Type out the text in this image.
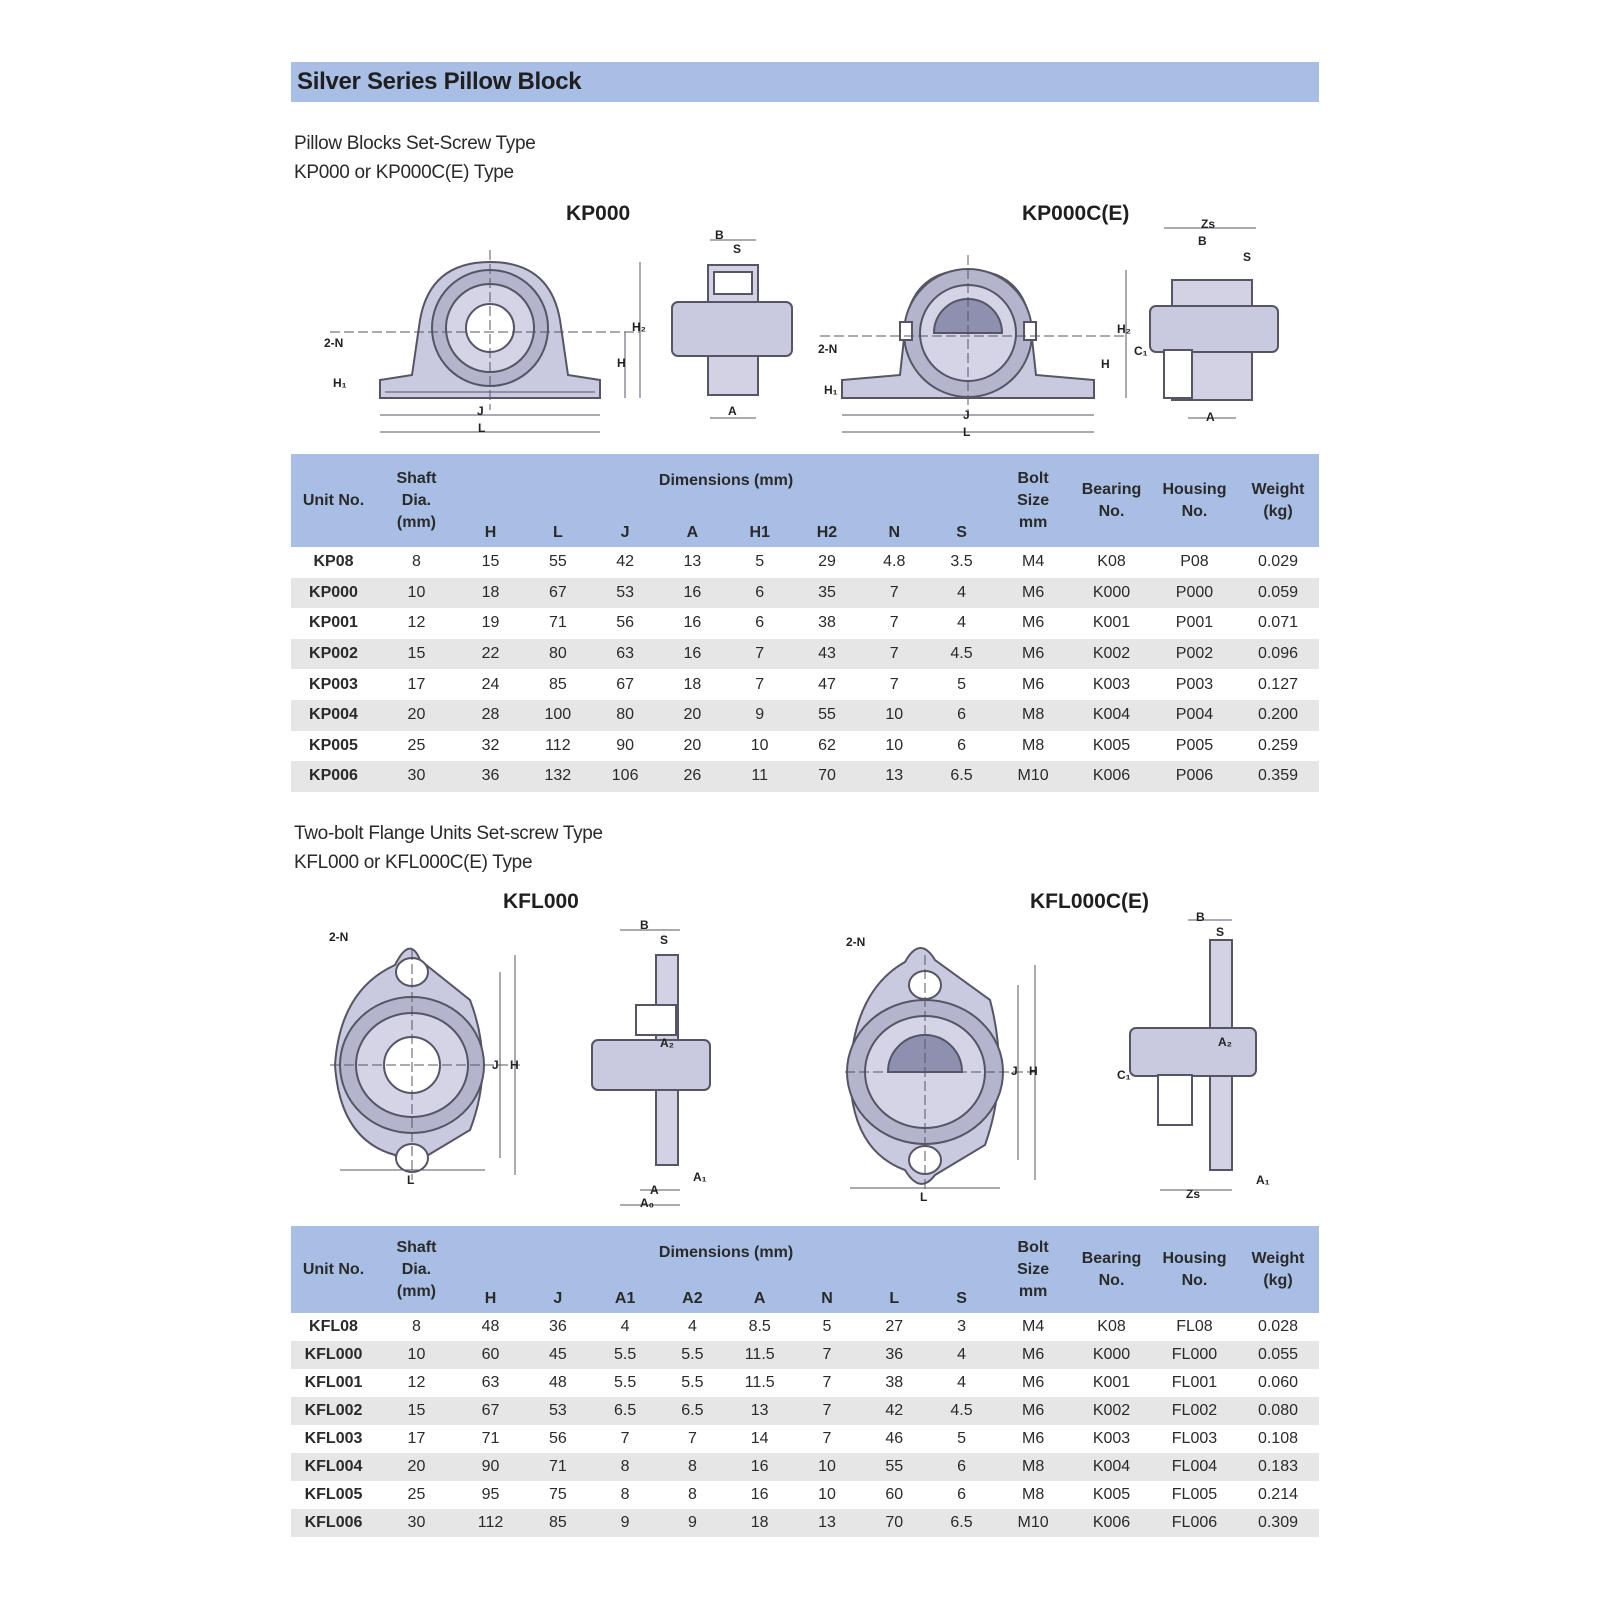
Silver Series Pillow Block
Pillow Blocks Set-Screw Type
KP000 or KP000C(E) Type
KP000	KP000C(E)
Unit No.	Shaft
Dia.
(mm)	Dimensions (mm)								Bolt
Size
mm	Bearing
No.	Housing
No.	Weight
(kg)
		H	L	J	A	H1	H2	N	S				
KP08	8	15	55	42	13	5	29	4.8	3.5	M4	K08	P08	0.029
KP000	10	18	67	53	16	6	35	7	4	M6	K000	P000	0.059
KP001	12	19	71	56	16	6	38	7	4	M6	K001	P001	0.071
KP002	15	22	80	63	16	7	43	7	4.5	M6	K002	P002	0.096
KP003	17	24	85	67	18	7	47	7	5	M6	K003	P003	0.127
KP004	20	28	100	80	20	9	55	10	6	M8	K004	P004	0.200
KP005	25	32	112	90	20	10	62	10	6	M8	K005	P005	0.259
KP006	30	36	132	106	26	11	70	13	6.5	M10	K006	P006	0.359
Two-bolt Flange Units Set-screw Type
KFL000 or KFL000C(E) Type
KFL000	KFL000C(E)
Unit No.	Shaft
Dia.
(mm)	Dimensions (mm)								Bolt
Size
mm	Bearing
No.	Housing
No.	Weight
(kg)
		H	J	A1	A2	A	N	L	S				
KFL08	8	48	36	4	4	8.5	5	27	3	M4	K08	FL08	0.028
KFL000	10	60	45	5.5	5.5	11.5	7	36	4	M6	K000	FL000	0.055
KFL001	12	63	48	5.5	5.5	11.5	7	38	4	M6	K001	FL001	0.060
KFL002	15	67	53	6.5	6.5	13	7	42	4.5	M6	K002	FL002	0.080
KFL003	17	71	56	7	7	14	7	46	5	M6	K003	FL003	0.108
KFL004	20	90	71	8	8	16	10	55	6	M8	K004	FL004	0.183
KFL005	25	95	75	8	8	16	10	60	6	M8	K005	FL005	0.214
KFL006	30	112	85	9	9	18	13	70	6.5	M10	K006	FL006	0.309
2-N
H₁
J
L
H₂
H
B
S
A
2-N
H₁
J
L
H₂
H
Zs
B
S
C₁
A
2-N
J H
L
B
S
A₂
A₁
A
A₀
2-N
J H
L
B
S
A₂
C₁
A₁
Zs
